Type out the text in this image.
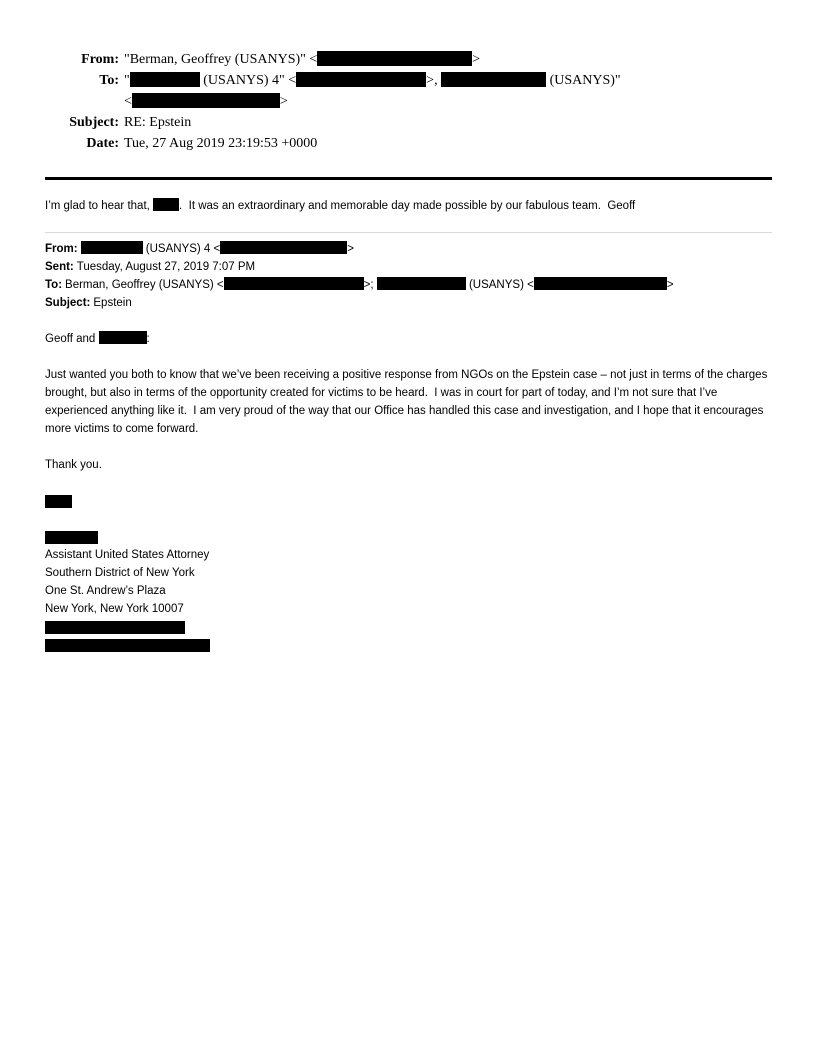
From: "Berman, Geoffrey (USANYS)" <	>
To: "	(USANYS) 4" <	>,	(USANYS)"
<	>
Subject: RE: Epstein
Date: Tue, 27 Aug 2019 23:19:53 +0000

I’m glad to hear that, .  It was an extraordinary and memorable day made possible by our fabulous team.  Geoff

From:	(USANYS) 4 <	>

Sent: Tuesday, August 27, 2019 7:07 PM

To: Berman, Geoffrey (USANYS) <	>;	(USANYS) <	>

Subject: Epstein

Geoff and	:

Just wanted you both to know that we’ve been receiving a positive response from NGOs on the Epstein case – not just in terms of the charges brought, but also in terms of the opportunity created for victims to be heard.  I was in court for part of today, and I’m not sure that I’ve experienced anything like it.  I am very proud of the way that our Office has handled this case and investigation, and I hope that it encourages more victims to come forward.

Thank you.

Assistant United States Attorney

Southern District of New York

One St. Andrew’s Plaza

New York, New York 10007
